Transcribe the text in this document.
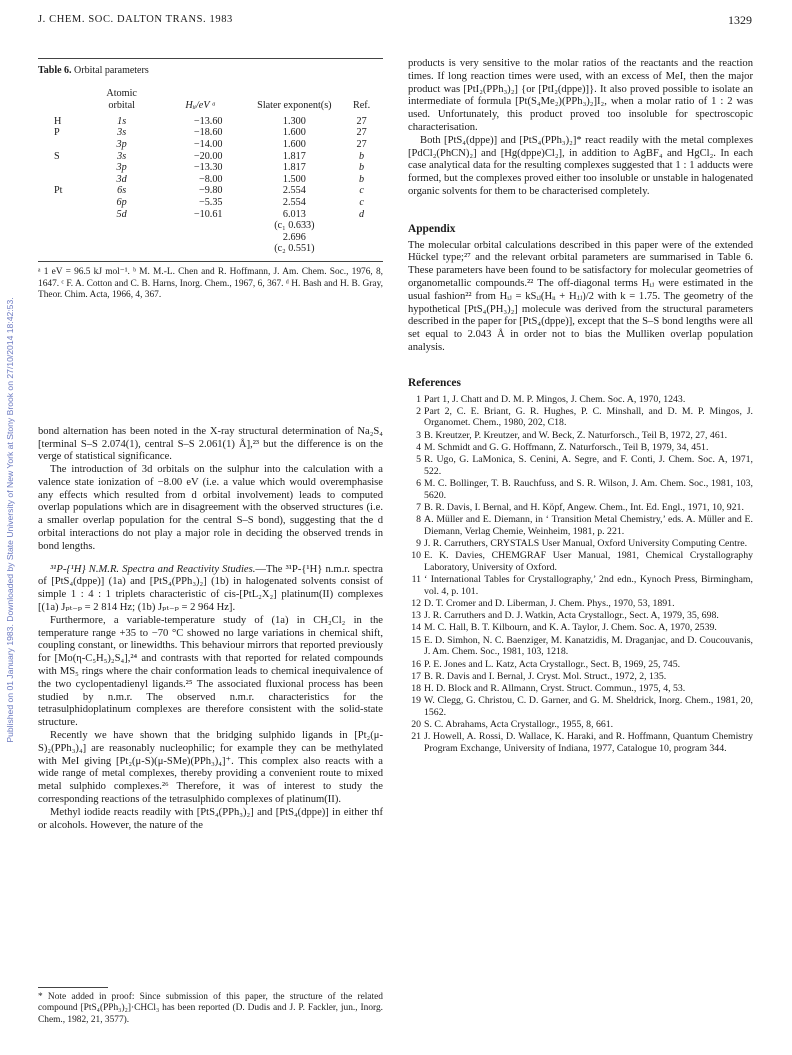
Published on 01 January 1983. Downloaded by State University of New York at Stony Brook on 27/10/2014 18:42:53.
J. CHEM. SOC. DALTON TRANS. 1983	1329
Table 6. Orbital parameters
	Atomic orbital	Hᵢᵢ/eV ᵃ	Slater exponent(s)	Ref.
H	1s	−13.60	1.300	27
P	3s	−18.60	1.600	27
	3p	−14.00	1.600	27
S	3s	−20.00	1.817	b
	3p	−13.30	1.817	b
	3d	−8.00	1.500	b
Pt	6s	−9.80	2.554	c
	6p	−5.35	2.554	c
	5d	−10.61	6.013	d
			(c₁ 0.633)	
			2.696	
			(c₂ 0.551)	
ᵃ 1 eV = 96.5 kJ mol⁻¹. ᵇ M. M.-L. Chen and R. Hoffmann, J. Am. Chem. Soc., 1976, 8, 1647. ᶜ F. A. Cotton and C. B. Harns, Inorg. Chem., 1967, 6, 367. ᵈ H. Bash and H. B. Gray, Theor. Chim. Acta, 1966, 4, 367.

bond alternation has been noted in the X-ray structural determination of Na₂S₄ [terminal S–S 2.074(1), central S–S 2.061(1) Å],²³ but the difference is on the verge of statistical significance.

The introduction of 3d orbitals on the sulphur into the calculation with a valence state ionization of −8.00 eV (i.e. a value which would overemphasise any effects which resulted from d orbital involvement) leads to computed overlap populations which are in disagreement with the observed structures (i.e. a smaller overlap population for the central S–S bond), suggesting that the d orbital interactions do not play a major role in deciding the observed trends in bond lengths.

³¹P-{¹H} N.M.R. Spectra and Reactivity Studies.—The ³¹P-{¹H} n.m.r. spectra of [PtS₄(dppe)] (1a) and [PtS₄(PPh₃)₂] (1b) in halogenated solvents consist of simple 1 : 4 : 1 triplets characteristic of cis-[PtL₂X₂] platinum(II) complexes [(1a) Jₚₜ₋ₚ = 2 814 Hz; (1b) Jₚₜ₋ₚ = 2 964 Hz].

Furthermore, a variable-temperature study of (1a) in CH₂Cl₂ in the temperature range +35 to −70 °C showed no large variations in chemical shift, coupling constant, or linewidths. This behaviour mirrors that reported previously for [Mo(η-C₅H₅)₂S₄],²⁴ and contrasts with that reported for related compounds with MS₅ rings where the chair conformation leads to chemical inequivalence of the two cyclopentadienyl ligands.²⁵ The associated fluxional process has been studied by n.m.r. The observed n.m.r. characteristics for the tetrasulphidoplatinum complexes are therefore consistent with the solid-state structure.

Recently we have shown that the bridging sulphido ligands in [Pt₂(μ-S)₂(PPh₃)₄] are reasonably nucleophilic; for example they can be methylated with MeI giving [Pt₂(μ-S)(μ-SMe)(PPh₃)₄]⁺. This complex also reacts with a wide range of metal complexes, thereby providing a convenient route to mixed metal sulphido complexes.²⁶ Therefore, it was of interest to study the corresponding reactions of the tetrasulphido complexes of platinum(II).

Methyl iodide reacts readily with [PtS₄(PPh₃)₂] and [PtS₄(dppe)] in either thf or alcohols. However, the nature of the

* Note added in proof: Since submission of this paper, the structure of the related compound [PtS₄(PPh₃)₂]·CHCl₃ has been reported (D. Dudis and J. P. Fackler, jun., Inorg. Chem., 1982, 21, 3577).

products is very sensitive to the molar ratios of the reactants and the reaction times. If long reaction times were used, with an excess of MeI, then the major product was [PtI₂(PPh₃)₂] {or [PtI₂(dppe)]}. It also proved possible to isolate an intermediate of formula [Pt(S₄Me₂)(PPh₃)₂]I₂, when a molar ratio of 1 : 2 was used. Unfortunately, this product proved too insoluble for spectroscopic characterisation.

Both [PtS₄(dppe)] and [PtS₄(PPh₃)₂]* react readily with the metal complexes [PdCl₂(PhCN)₂] and [Hg(dppe)Cl₂], in addition to AgBF₄ and HgCl₂. In each case analytical data for the resulting complexes suggested that 1 : 1 adducts were formed, but the complexes proved either too insoluble or unstable in halogenated organic solvents for them to be characterised completely.

Appendix

The molecular orbital calculations described in this paper were of the extended Hückel type;²⁷ and the relevant orbital parameters are summarised in Table 6. These parameters have been found to be satisfactory for molecular geometries of organometallic compounds.²² The off-diagonal terms Hᵢⱼ were estimated in the usual fashion²² from Hᵢⱼ = kSᵢⱼ(Hᵢᵢ + Hⱼⱼ)/2 with k = 1.75. The geometry of the hypothetical [PtS₄(PH₃)₂] molecule was derived from the structural parameters described in the paper for [PtS₄(dppe)], except that the S–S bond lengths were all set equal to 2.043 Å in order not to bias the Mulliken overlap population analysis.

References
1 Part 1, J. Chatt and D. M. P. Mingos, J. Chem. Soc. A, 1970, 1243.
2 Part 2, C. E. Briant, G. R. Hughes, P. C. Minshall, and D. M. P. Mingos, J. Organomet. Chem., 1980, 202, C18.
3 B. Kreutzer, P. Kreutzer, and W. Beck, Z. Naturforsch., Teil B, 1972, 27, 461.
4 M. Schmidt and G. G. Hoffmann, Z. Naturforsch., Teil B, 1979, 34, 451.
5 R. Ugo, G. LaMonica, S. Cenini, A. Segre, and F. Conti, J. Chem. Soc. A, 1971, 522.
6 M. C. Bollinger, T. B. Rauchfuss, and S. R. Wilson, J. Am. Chem. Soc., 1981, 103, 5620.
7 B. R. Davis, I. Bernal, and H. Köpf, Angew. Chem., Int. Ed. Engl., 1971, 10, 921.
8 A. Müller and E. Diemann, in ‘ Transition Metal Chemistry,’ eds. A. Müller and E. Diemann, Verlag Chemie, Weinheim, 1981, p. 221.
9 J. R. Carruthers, CRYSTALS User Manual, Oxford University Computing Centre.
10 E. K. Davies, CHEMGRAF User Manual, 1981, Chemical Crystallography Laboratory, University of Oxford.
11 ‘ International Tables for Crystallography,’ 2nd edn., Kynoch Press, Birmingham, vol. 4, p. 101.
12 D. T. Cromer and D. Liberman, J. Chem. Phys., 1970, 53, 1891.
13 J. R. Carruthers and D. J. Watkin, Acta Crystallogr., Sect. A, 1979, 35, 698.
14 M. C. Hall, B. T. Kilbourn, and K. A. Taylor, J. Chem. Soc. A, 1970, 2539.
15 E. D. Simhon, N. C. Baenziger, M. Kanatzidis, M. Draganjac, and D. Coucouvanis, J. Am. Chem. Soc., 1981, 103, 1218.
16 P. E. Jones and L. Katz, Acta Crystallogr., Sect. B, 1969, 25, 745.
17 B. R. Davis and I. Bernal, J. Cryst. Mol. Struct., 1972, 2, 135.
18 H. D. Block and R. Allmann, Cryst. Struct. Commun., 1975, 4, 53.
19 W. Clegg, G. Christou, C. D. Garner, and G. M. Sheldrick, Inorg. Chem., 1981, 20, 1562.
20 S. C. Abrahams, Acta Crystallogr., 1955, 8, 661.
21 J. Howell, A. Rossi, D. Wallace, K. Haraki, and R. Hoffmann, Quantum Chemistry Program Exchange, University of Indiana, 1977, Catalogue 10, program 344.
